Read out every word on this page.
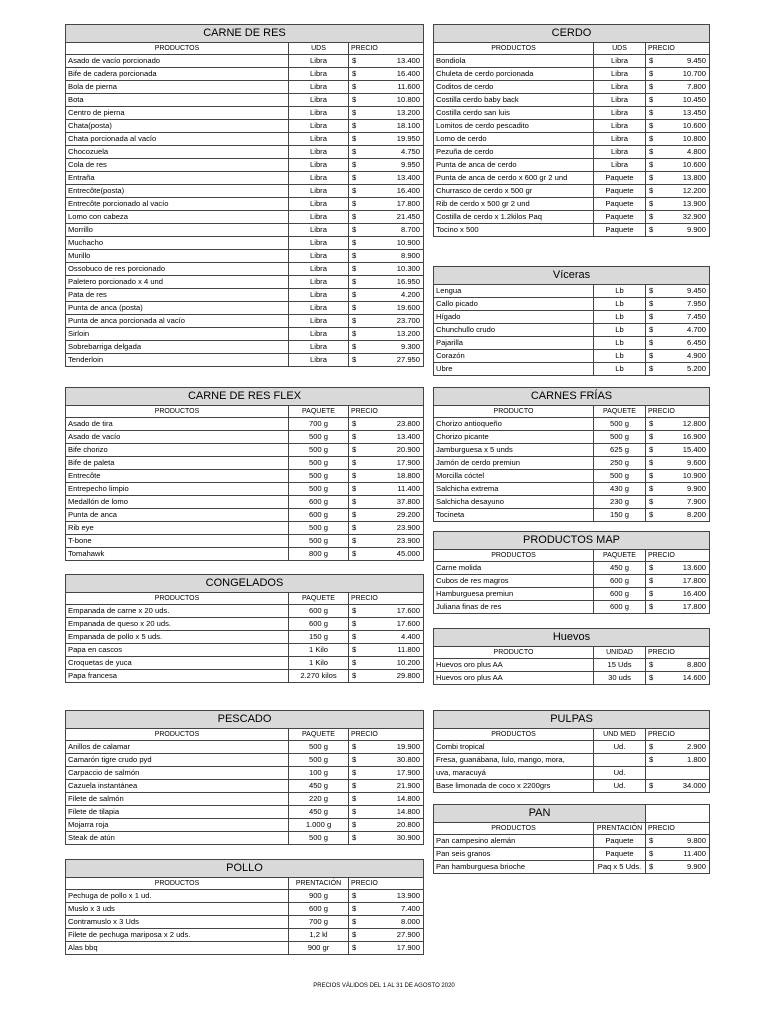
CARNE DE RES		
PRODUCTOS	UDS	PRECIO
Asado de vacío porcionado	Libra	$ 13.400

Bife de cadera porcionada	Libra	$ 16.400

Bola de pierna	Libra	$ 11.600

Bota	Libra	$ 10.800

Centro de pierna	Libra	$ 13.200

Chata(posta)	Libra	$ 18.100

Chata porcionada al vacío	Libra	$ 19.950

Chocozuela	Libra	$ 4.750

Cola de res	Libra	$ 9.950

Entraña	Libra	$ 13.400

Entrecôte(posta)	Libra	$ 16.400

Entrecôte porcionado al vacío	Libra	$ 17.800

Lomo con cabeza	Libra	$ 21.450

Morrillo	Libra	$ 8.700

Muchacho	Libra	$ 10.900

Murillo	Libra	$ 8.900

Ossobuco de res porcionado	Libra	$ 10.300

Paletero porcionado x 4 und	Libra	$ 16.950

Pata de res	Libra	$ 4.200

Punta de anca (posta)	Libra	$ 19.600

Punta de anca porcionada al vacío	Libra	$ 23.700

Sirloin	Libra	$ 13.200

Sobrebarriga delgada	Libra	$ 9.300

Tenderloin	Libra	$ 27.950
CERDO		
PRODUCTOS	UDS	PRECIO
Bondiola	Libra	$ 9.450

Chuleta de cerdo porcionada	Libra	$ 10.700

Coditos de cerdo	Libra	$ 7.800

Costilla cerdo baby back	Libra	$ 10.450

Costilla cerdo san luis	Libra	$ 13.450

Lomitos de cerdo pescadito	Libra	$ 10.600

Lomo de cerdo	Libra	$ 10.800

Pezuña de cerdo	Libra	$ 4.800

Punta de anca de cerdo	Libra	$ 10.600

Punta de anca de cerdo x 600 gr 2 und	Paquete	$ 13.800

Churrasco de cerdo x 500 gr	Paquete	$ 12.200

Rib de cerdo x 500 gr 2 und	Paquete	$ 13.900

Costilla de cerdo x 1.2kilos Paq	Paquete	$ 32.900

Tocino x 500	Paquete	$ 9.900
Víceras		
Lengua	Lb	$ 9.450

Callo picado	Lb	$ 7.950

Hígado	Lb	$ 7.450

Chunchullo crudo	Lb	$ 4.700

Pajarilla	Lb	$ 6.450

Corazón	Lb	$ 4.900

Ubre	Lb	$ 5.200
CARNE DE RES FLEX		
PRODUCTOS	PAQUETE	PRECIO
Asado de tira	700 g	$ 23.800

Asado de vacío	500 g	$ 13.400

Bife chorizo	500 g	$ 20.900

Bife de paleta	500 g	$ 17.900

Entrecôte	500 g	$ 18.800

Entrepecho limpio	500 g	$ 11.400

Medallón de lomo	600 g	$ 37.800

Punta de anca	600 g	$ 29.200

Rib eye	500 g	$ 23.900

T-bone	500 g	$ 23.900

Tomahawk	800 g	$ 45.000
CARNES FRÍAS		
PRODUCTO	PAQUETE	PRECIO
Chorizo antioqueño	500 g	$ 12.800

Chorizo picante	500 g	$ 16.900

Jamburguesa x 5 unds	625 g	$ 15.400

Jamón de cerdo premiun	250 g	$ 9.600

Morcilla cóctel	500 g	$ 10.900

Salchicha extrema	430 g	$ 9.900

Salchicha desayuno	230 g	$ 7.900

Tocineta	150 g	$ 8.200
PRODUCTOS MAP		
PRODUCTOS	PAQUETE	PRECIO
Carne molida	450 g	$ 13.600

Cubos de res magros	600 g	$ 17.800

Hamburguesa premiun	600 g	$ 16.400

Juliana finas de res	600 g	$ 17.800
CONGELADOS		
PRODUCTOS	PAQUETE	PRECIO
Empanada de carne x 20 uds.	600 g	$ 17.600

Empanada de queso x 20 uds.	600 g	$ 17.600

Empanada de pollo x 5 uds.	150 g	$ 4.400

Papa en cascos	1 Kilo	$ 11.800

Croquetas de yuca	1 Kilo	$ 10.200

Papa francesa	2.270 kilos	$ 29.800
Huevos		
PRODUCTO	UNIDAD	PRECIO
Huevos oro plus AA	15 Uds	$ 8.800

Huevos oro plus AA	30 uds	$ 14.600
PESCADO		
PRODUCTOS	PAQUETE	PRECIO
Anillos de calamar	500 g	$ 19.900

Camarón tigre crudo pyd	500 g	$ 30.800

Carpaccio de salmón	100 g	$ 17.900

Cazuela instantánea	450 g	$ 21.900

Filete de salmón	220 g	$ 14.800

Filete de tilapia	450 g	$ 14.800

Mojarra roja	1.000 g	$ 20.800

Steak de atún	500 g	$ 30.900
PULPAS		
PRODUCTOS	UND MED	PRECIO
Combi tropical	Ud.	$ 2.900

Fresa, guanábana, lulo, mango, mora,		$ 1.800

uva, maracuyá	Ud.	

Base limonada de coco x 2200grs	Ud.	$ 34.000
PAN		
PRODUCTOS	PRENTACIÓN	PRECIO
Pan campesino alemán	Paquete	$ 9.800

Pan seis granos	Paquete	$ 11.400

Pan hamburguesa brioche	Paq x 5 Uds.	$ 9.900
POLLO		
PRODUCTOS	PRENTACIÓN	PRECIO
Pechuga de pollo x 1 ud.	900 g	$ 13.900

Muslo x 3 uds	600 g	$ 7.400

Contramuslo x 3 Uds	700 g	$ 8.000

Filete de pechuga mariposa x 2 uds.	1,2 kl	$ 27.900

Alas bbq	900 gr	$ 17.900
PRECIOS VÁLIDOS DEL 1 AL 31 DE AGOSTO 2020
